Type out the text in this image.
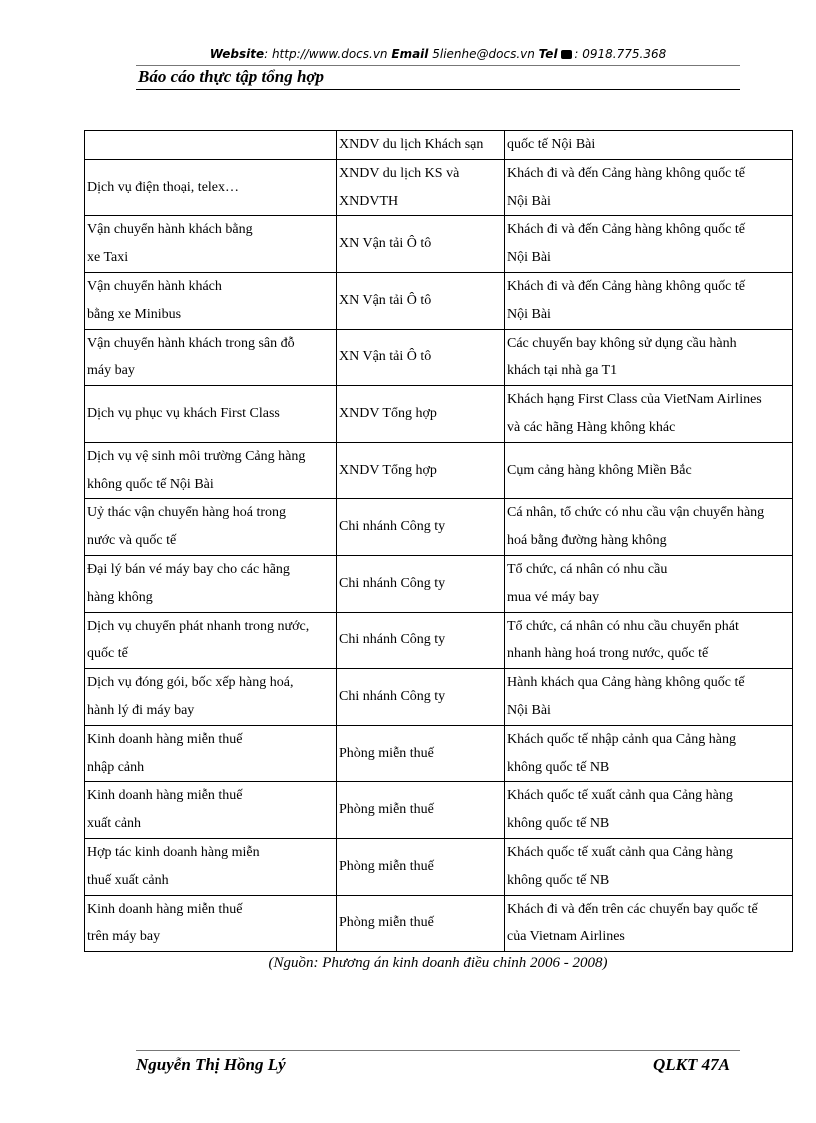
Website: http://www.docs.vn Email 5lienhe@docs.vn Tel : 0918.775.368
Báo cáo thực tập tổng hợp

	XNDV du lịch Khách sạn	quốc tế Nội Bài

Dịch vụ điện thoại, telex…	XNDV du lịch KS và
XNDVTH	Khách đi và đến Cảng hàng không quốc tế
Nội Bài

Vận chuyển hành khách bằng
xe Taxi	XN Vận tải Ô tô	Khách đi và đến Cảng hàng không quốc tế
Nội Bài

Vận chuyển hành khách
bằng xe Minibus	XN Vận tải Ô tô	Khách đi và đến Cảng hàng không quốc tế
Nội Bài

Vận chuyển hành khách trong sân đỗ
máy bay	XN Vận tải Ô tô	Các chuyến bay không sử dụng cầu hành
khách tại nhà ga T1

Dịch vụ phục vụ khách First Class	XNDV Tổng hợp	Khách hạng First Class của VietNam Airlines
và các hãng Hàng không khác

Dịch vụ vệ sinh môi trường Cảng hàng
không quốc tế Nội Bài	XNDV Tổng hợp	Cụm cảng hàng không Miền Bắc

Uỷ thác vận chuyển hàng hoá trong
nước và quốc tế	Chi nhánh Công ty	Cá nhân, tổ chức có nhu cầu vận chuyển hàng
hoá bằng đường hàng không

Đại lý bán vé máy bay cho các hãng
hàng không	Chi nhánh Công ty	Tổ chức, cá nhân có nhu cầu
mua vé máy bay

Dịch vụ chuyển phát nhanh trong nước,
quốc tế	Chi nhánh Công ty	Tổ chức, cá nhân có nhu cầu chuyển phát
nhanh hàng hoá trong nước, quốc tế

Dịch vụ đóng gói, bốc xếp hàng hoá,
hành lý đi máy bay	Chi nhánh Công ty	Hành khách qua Cảng hàng không quốc tế
Nội Bài

Kinh doanh hàng miễn thuế
nhập cảnh	Phòng miễn thuế	Khách quốc tế nhập cảnh qua Cảng hàng
không quốc tế NB

Kinh doanh hàng miễn thuế
xuất cảnh	Phòng miễn thuế	Khách quốc tế xuất cảnh qua Cảng hàng
không quốc tế NB

Hợp tác kinh doanh hàng miễn
thuế xuất cảnh	Phòng miễn thuế	Khách quốc tế xuất cảnh qua Cảng hàng
không quốc tế NB

Kinh doanh hàng miễn thuế
trên máy bay	Phòng miễn thuế	Khách đi và đến trên các chuyến bay quốc tế
của Vietnam Airlines
(Nguồn: Phương án kinh doanh điều chỉnh 2006 - 2008)
Nguyễn Thị Hồng Lý	QLKT 47A
